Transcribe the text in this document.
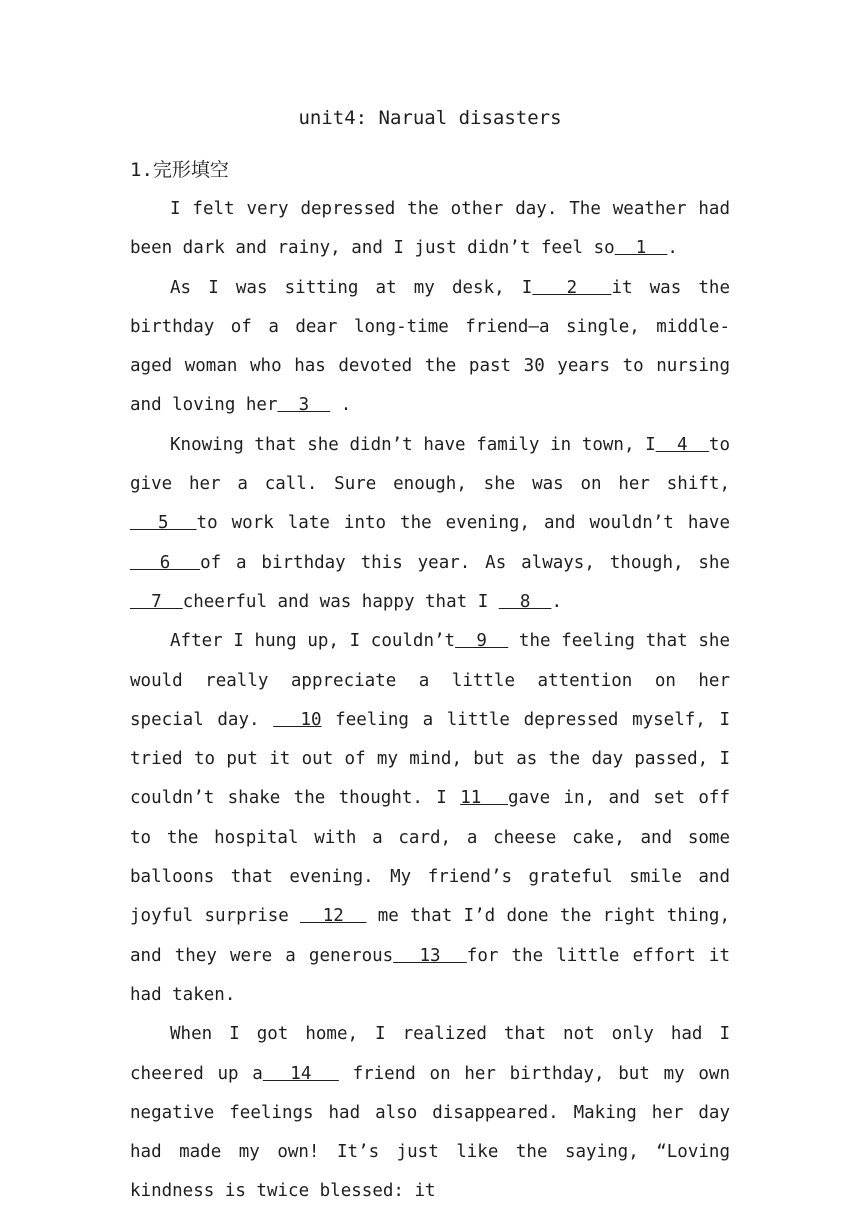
unit4: Narual disasters
1.完形填空

I felt very depressed the other day. The weather had been dark and rainy, and I just didn’t feel so  1  .

As I was sitting at my desk, I  2  it was the birthday of a dear long-time friend—a single, middle-aged woman who has devoted the past 30 years to nursing and loving her  3   .

Knowing that she didn’t have family in town, I  4  to give her a call. Sure enough, she was on her shift,   5  to work late into the evening, and wouldn’t have   6  of a birthday this year. As always, though, she   7  cheerful and was happy that I   8  .

After I hung up, I couldn’t  9   the feeling that she would really appreciate a little attention on her special day.   10 feeling a little depressed myself, I tried to put it out of my mind, but as the day passed, I couldn’t shake the thought. I 11  gave in, and set off to the hospital with a card, a cheese cake, and some balloons that evening. My friend’s grateful smile and joyful surprise   12   me that I’d done the right thing, and they were a generous  13  for the little effort it had taken.

When I got home, I realized that not only had I cheered up a  14   friend on her birthday, but my own negative feelings had also disappeared. Making her day had made my own! It’s just like the saying, “Loving kindness is twice blessed: it
